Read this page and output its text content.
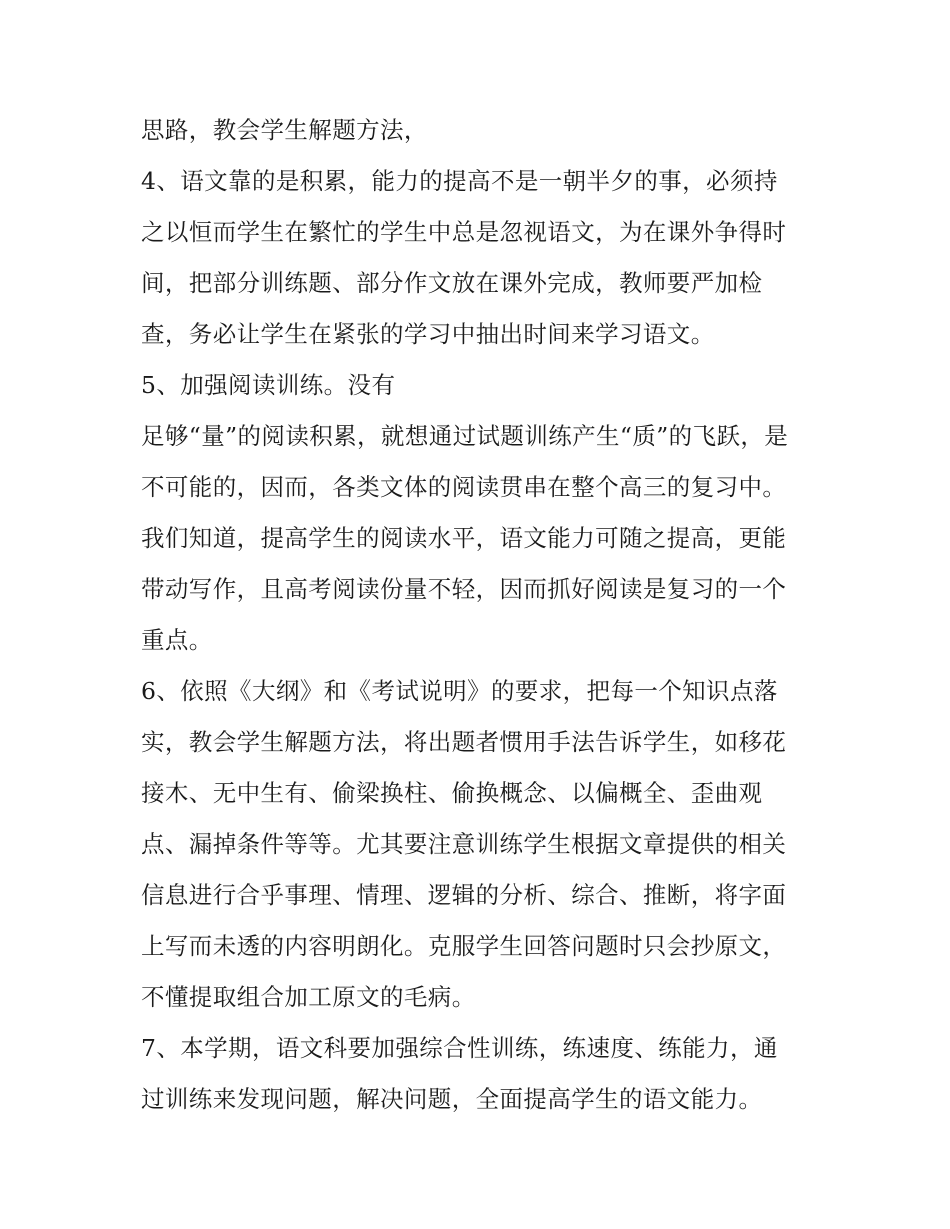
思路，教会学生解题方法，

4、语文靠的是积累，能力的提高不是一朝半夕的事，必须持

之以恒而学生在繁忙的学生中总是忽视语文，为在课外争得时

间，把部分训练题、部分作文放在课外完成，教师要严加检

查，务必让学生在紧张的学习中抽出时间来学习语文。

5、加强阅读训练。没有

足够“量”的阅读积累，就想通过试题训练产生“质”的飞跃，是

不可能的，因而，各类文体的阅读贯串在整个高三的复习中。

我们知道，提高学生的阅读水平，语文能力可随之提高，更能

带动写作，且高考阅读份量不轻，因而抓好阅读是复习的一个

重点。

6、依照《大纲》和《考试说明》的要求，把每一个知识点落

实，教会学生解题方法，将出题者惯用手法告诉学生，如移花

接木、无中生有、偷梁换柱、偷换概念、以偏概全、歪曲观

点、漏掉条件等等。尤其要注意训练学生根据文章提供的相关

信息进行合乎事理、情理、逻辑的分析、综合、推断，将字面

上写而未透的内容明朗化。克服学生回答问题时只会抄原文，

不懂提取组合加工原文的毛病。

7、本学期，语文科要加强综合性训练，练速度、练能力，通

过训练来发现问题，解决问题，全面提高学生的语文能力。
